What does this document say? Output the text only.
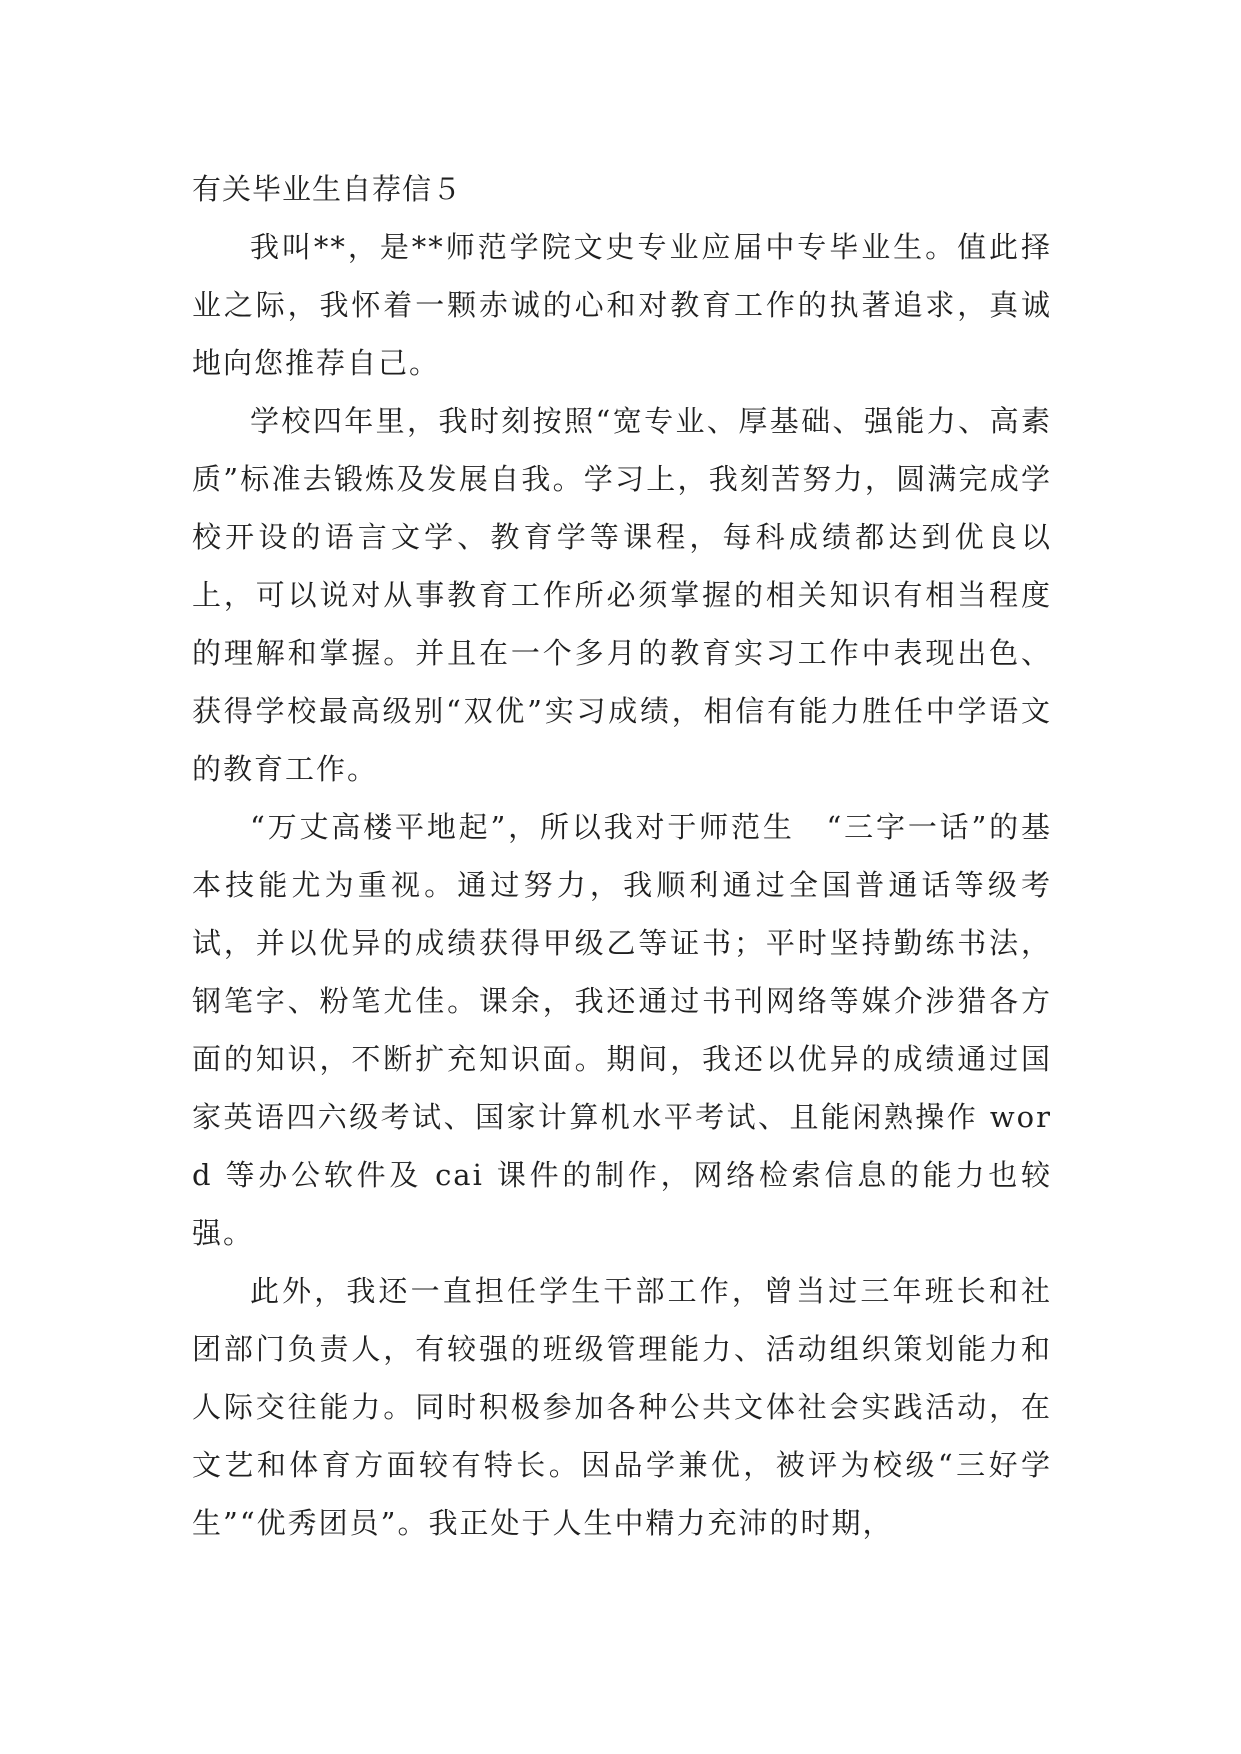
有关毕业生自荐信５

我叫**，是**师范学院文史专业应届中专毕业生。值此择业之际，我怀着一颗赤诚的心和对教育工作的执著追求，真诚地向您推荐自己。

学校四年里，我时刻按照“宽专业、厚基础、强能力、高素质”标准去锻炼及发展自我。学习上，我刻苦努力，圆满完成学校开设的语言文学、教育学等课程，每科成绩都达到优良以上，可以说对从事教育工作所必须掌握的相关知识有相当程度的理解和掌握。并且在一个多月的教育实习工作中表现出色、获得学校最高级别“双优”实习成绩，相信有能力胜任中学语文的教育工作。

“万丈高楼平地起”，所以我对于师范生　“三字一话”的基本技能尤为重视。通过努力，我顺利通过全国普通话等级考试，并以优异的成绩获得甲级乙等证书；平时坚持勤练书法，钢笔字、粉笔尤佳。课余，我还通过书刊网络等媒介涉猎各方面的知识，不断扩充知识面。期间，我还以优异的成绩通过国家英语四六级考试、国家计算机水平考试、且能闲熟操作 word 等办公软件及 cai 课件的制作，网络检索信息的能力也较强。

此外，我还一直担任学生干部工作，曾当过三年班长和社团部门负责人，有较强的班级管理能力、活动组织策划能力和人际交往能力。同时积极参加各种公共文体社会实践活动，在文艺和体育方面较有特长。因品学兼优，被评为校级“三好学生”“优秀团员”。我正处于人生中精力充沛的时期，
